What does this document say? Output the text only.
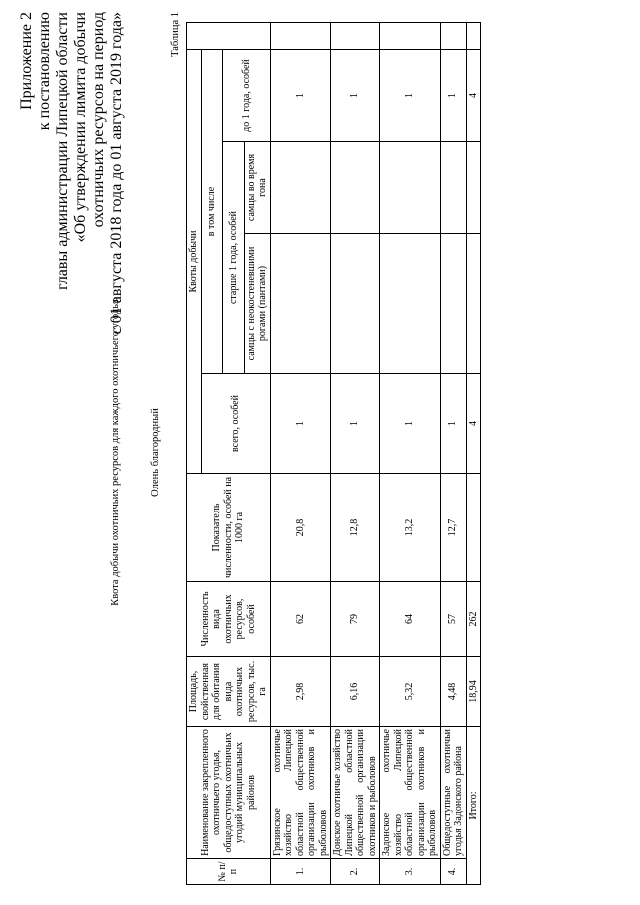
Приложение 2 к постановлению главы администрации Липецкой области «Об утверждении лимита добычи охотничьих ресурсов на период с 01 августа 2018 года до 01 августа 2019 года»
Квота добычи охотничьих ресурсов для каждого охотничьего угодья	Олень благородный
Таблица 1
№ п/п	Наименование закрепленного охотничьего угодья, общедоступных охотничьих угодий муниципальных районов	Площадь, свойственная для обитания вида охотничьих ресурсов, тыс. га	Численность вида охотничьих ресурсов, особей	Показатель численности, особей на 1000 га	Квоты добычи				
					всего, особей	в том числе			
						старше 1 года, особей		до 1 года, особей	
						самцы с неокостеневшими рогами (пантами)	самцы во время гона		
1.	Грязинское охотничье хозяйство Липецкой областной общественной организации охотников и рыболовов	2,98	62	20,8	1			1	
2.	Донское охотничье хозяйство Липецкой областной общественной организации охотников и рыболовов	6,16	79	12,8	1			1	
3.	Задонское охотничье хозяйство Липецкой областной общественной организации охотников и рыболовов	5,32	64	13,2	1			1	
4.	Общедоступные охотничьи угодья Задонского района	4,48	57	12,7	1			1	
Итого:		18,94	262		4			4	
